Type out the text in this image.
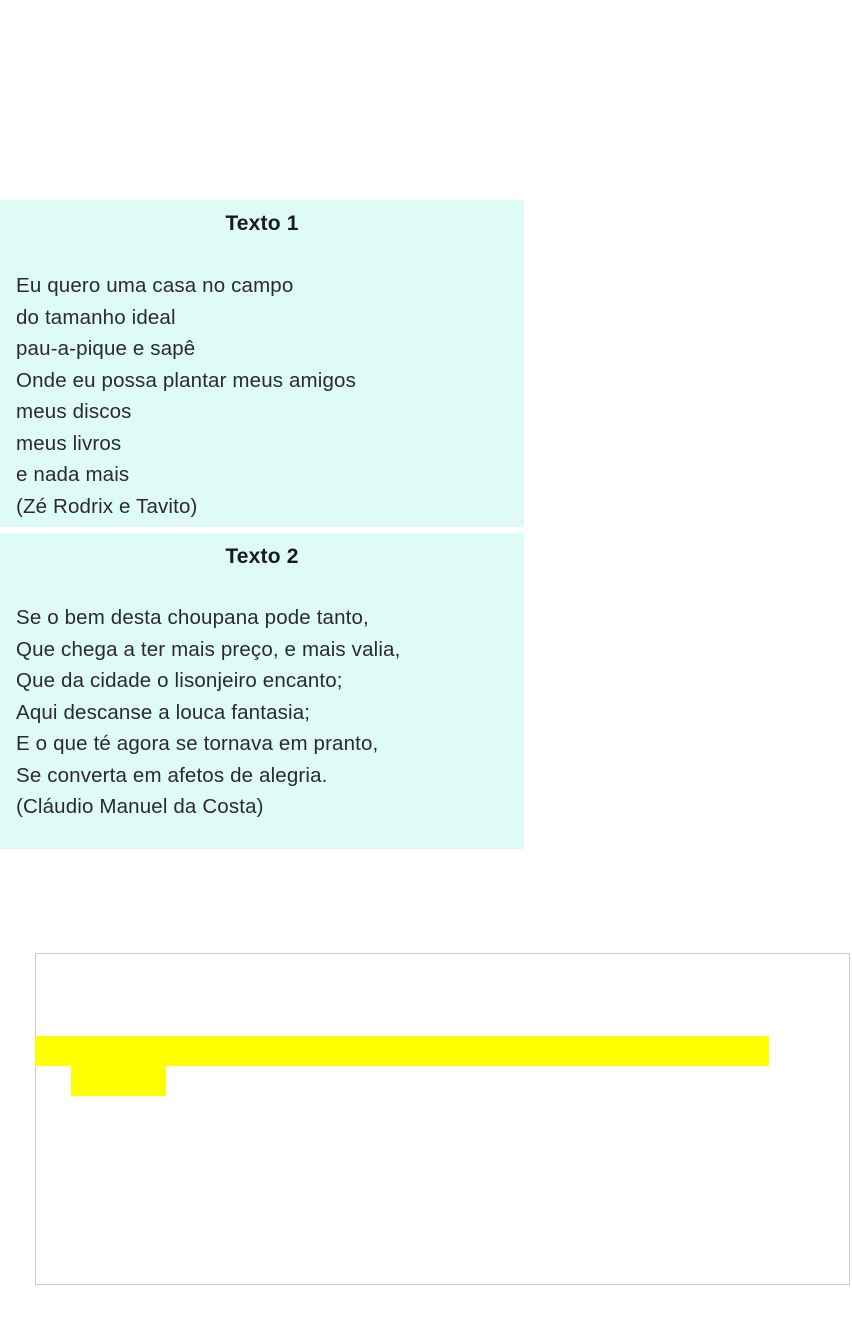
Texto 1
Eu quero uma casa no campo
do tamanho ideal
pau-a-pique e sapê
Onde eu possa plantar meus amigos
meus discos
meus livros
e nada mais
(Zé Rodrix e Tavito)
Texto 2
Se o bem desta choupana pode tanto,
Que chega a ter mais preço, e mais valia,
Que da cidade o lisonjeiro encanto;
Aqui descanse a louca fantasia;
E o que té agora se tornava em pranto,
Se converta em afetos de alegria.
(Cláudio Manuel da Costa)
